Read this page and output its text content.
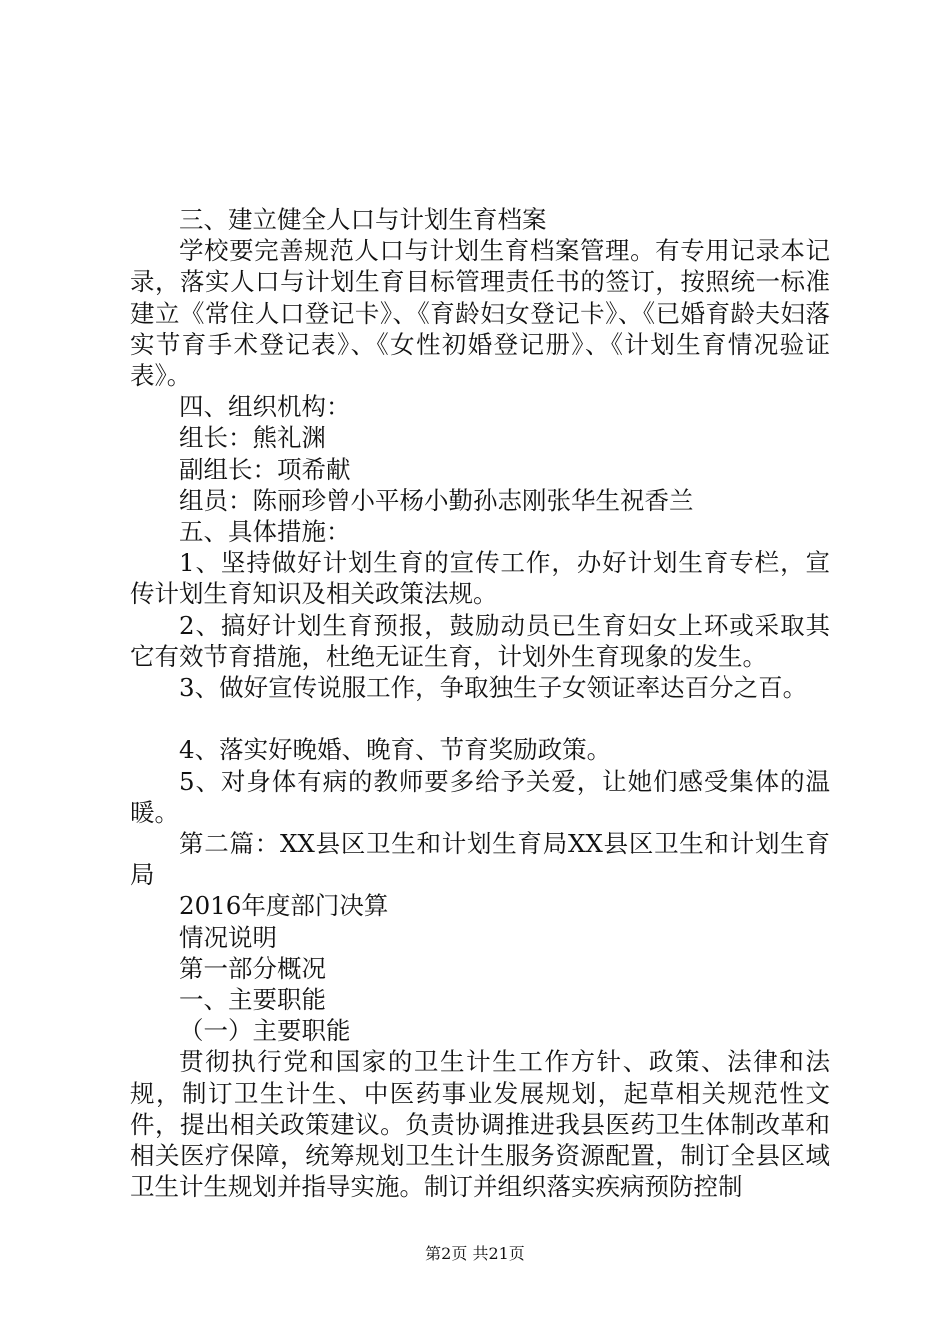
三、建立健全人口与计划生育档案

学校要完善规范人口与计划生育档案管理。有专用记录本记录，落实人口与计划生育目标管理责任书的签订，按照统一标准建立《常住人口登记卡》、《育龄妇女登记卡》、《已婚育龄夫妇落实节育手术登记表》、《女性初婚登记册》、《计划生育情况验证表》。

四、组织机构：

组长：熊礼渊

副组长：项希献

组员：陈丽珍曾小平杨小勤孙志刚张华生祝香兰

五、具体措施：

1、坚持做好计划生育的宣传工作，办好计划生育专栏，宣传计划生育知识及相关政策法规。

2、搞好计划生育预报，鼓励动员已生育妇女上环或采取其它有效节育措施，杜绝无证生育，计划外生育现象的发生。

3、做好宣传说服工作，争取独生子女领证率达百分之百。

4、落实好晚婚、晚育、节育奖励政策。

5、对身体有病的教师要多给予关爱，让她们感受集体的温暖。

第二篇：XX县区卫生和计划生育局XX县区卫生和计划生育局

2016年度部门决算

情况说明

第一部分概况

一、主要职能

（一）主要职能

贯彻执行党和国家的卫生计生工作方针、政策、法律和法规，制订卫生计生、中医药事业发展规划，起草相关规范性文件，提出相关政策建议。负责协调推进我县医药卫生体制改革和相关医疗保障，统筹规划卫生计生服务资源配置，制订全县区域卫生计生规划并指导实施。制订并组织落实疾病预防控制

第2页 共21页
